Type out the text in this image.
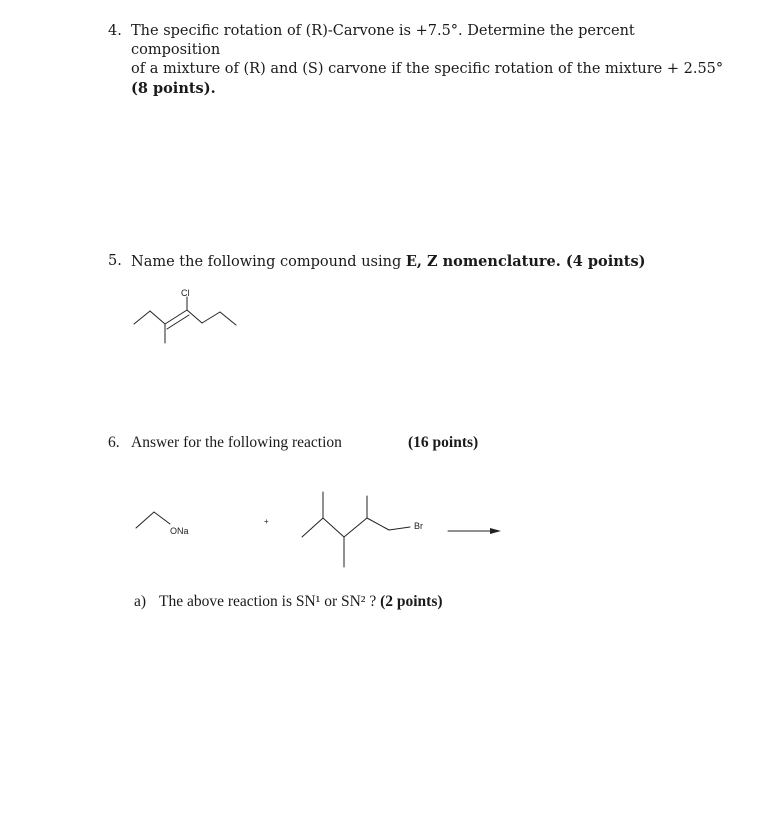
4. The specific rotation of (R)-Carvone is +7.5°. Determine the percent composition
of a mixture of (R) and (S) carvone if the specific rotation of the mixture + 2.55°
(8 points).
5. Name the following compound using E, Z nomenclature. (4 points)
Cl
6. Answer for the following reaction	(16 points)
ONa
+	Br
a) The above reaction is SN¹ or SN² ? (2 points)
